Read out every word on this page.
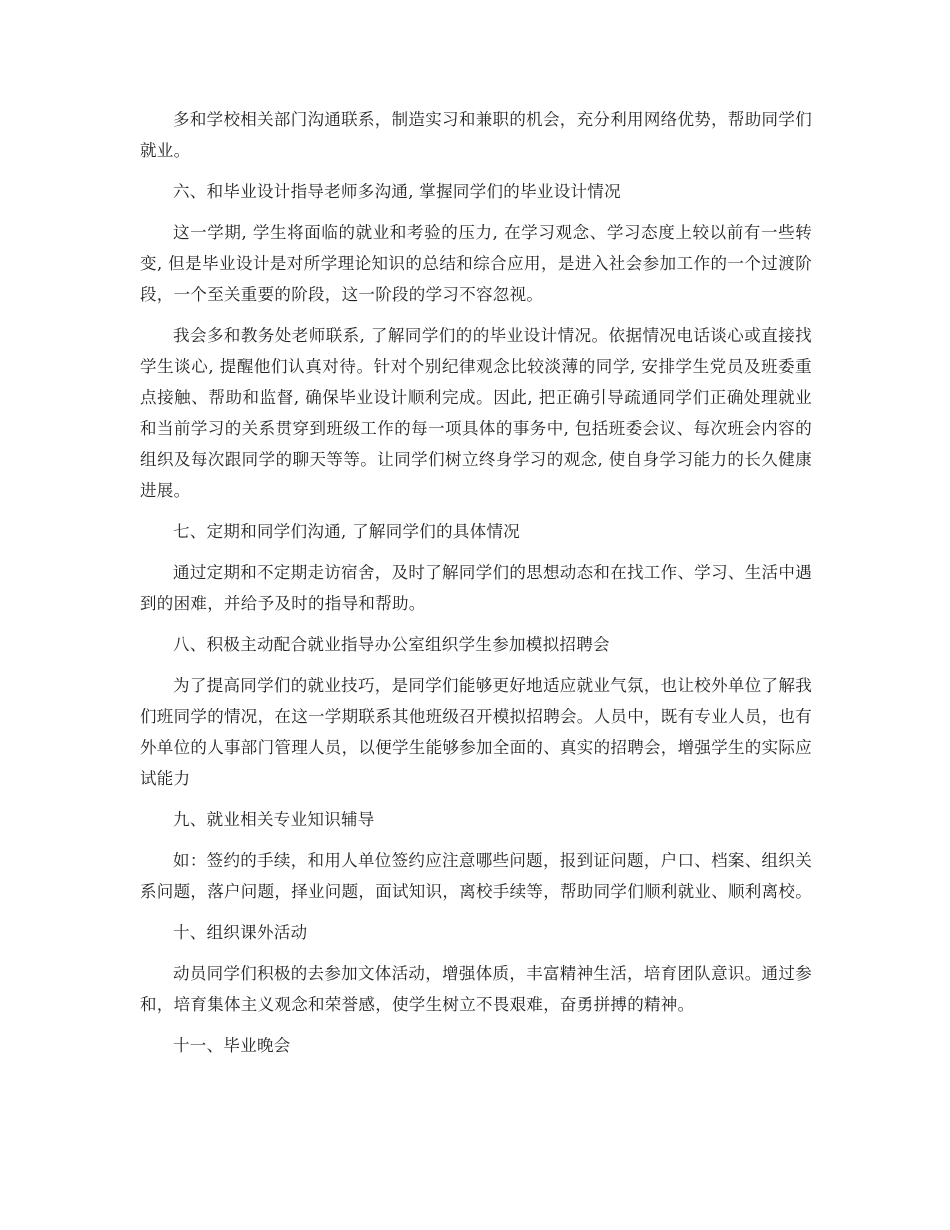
多和学校相关部门沟通联系，制造实习和兼职的机会，充分利用网络优势，帮助同学们就业。

六、和毕业设计指导老师多沟通, 掌握同学们的毕业设计情况

这一学期, 学生将面临的就业和考验的压力, 在学习观念、学习态度上较以前有一些转变, 但是毕业设计是对所学理论知识的总结和综合应用，是进入社会参加工作的一个过渡阶段，一个至关重要的阶段，这一阶段的学习不容忽视。

我会多和教务处老师联系, 了解同学们的的毕业设计情况。依据情况电话谈心或直接找学生谈心, 提醒他们认真对待。针对个别纪律观念比较淡薄的同学, 安排学生党员及班委重点接触、帮助和监督, 确保毕业设计顺利完成。因此, 把正确引导疏通同学们正确处理就业和当前学习的关系贯穿到班级工作的每一项具体的事务中, 包括班委会议、每次班会内容的组织及每次跟同学的聊天等等。让同学们树立终身学习的观念, 使自身学习能力的长久健康进展。

七、定期和同学们沟通, 了解同学们的具体情况

通过定期和不定期走访宿舍，及时了解同学们的思想动态和在找工作、学习、生活中遇到的困难，并给予及时的指导和帮助。

八、积极主动配合就业指导办公室组织学生参加模拟招聘会

为了提高同学们的就业技巧，是同学们能够更好地适应就业气氛，也让校外单位了解我们班同学的情况，在这一学期联系其他班级召开模拟招聘会。人员中，既有专业人员，也有外单位的人事部门管理人员，以便学生能够参加全面的、真实的招聘会，增强学生的实际应试能力

九、就业相关专业知识辅导

如：签约的手续，和用人单位签约应注意哪些问题，报到证问题，户口、档案、组织关系问题，落户问题，择业问题，面试知识，离校手续等，帮助同学们顺利就业、顺利离校。

十、组织课外活动

动员同学们积极的去参加文体活动，增强体质，丰富精神生活，培育团队意识。通过参和，培育集体主义观念和荣誉感，使学生树立不畏艰难，奋勇拼搏的精神。

十一、毕业晚会
